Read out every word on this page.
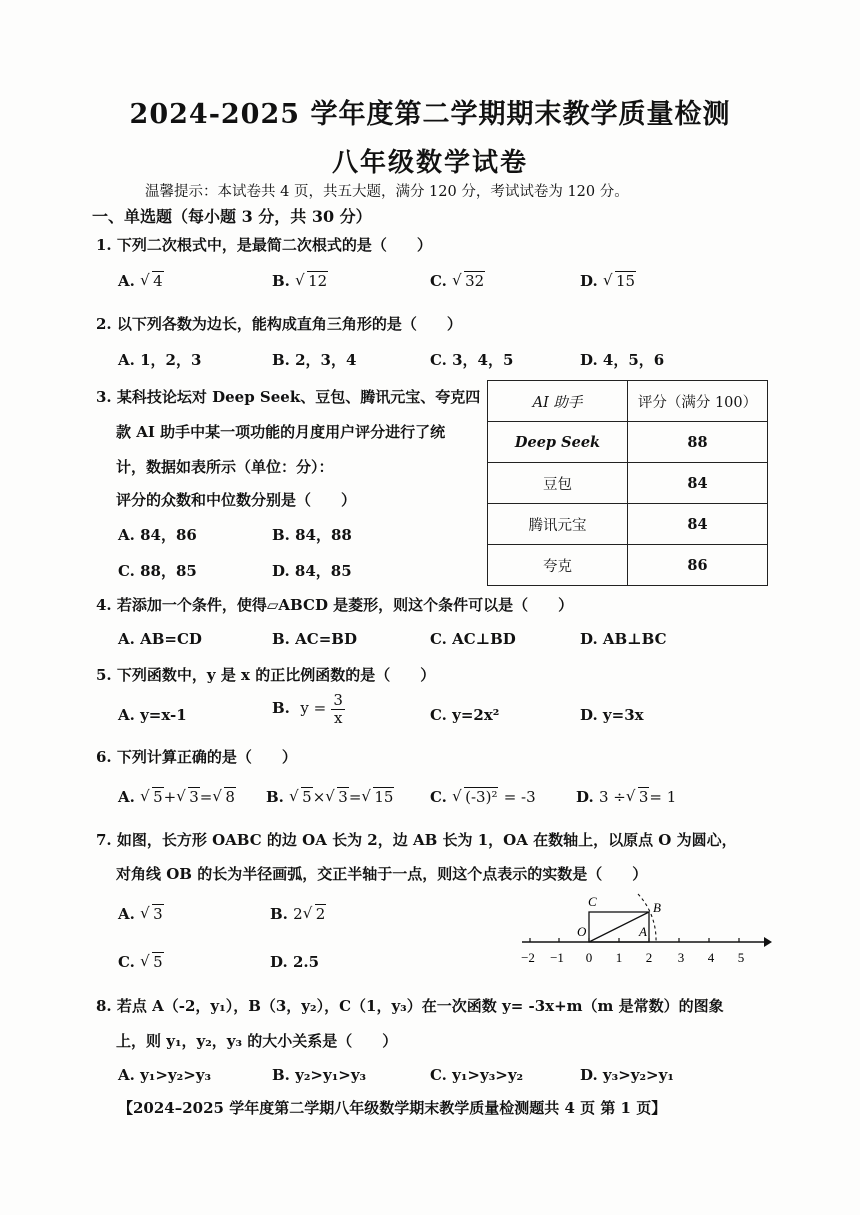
2024-2025 学年度第二学期期末教学质量检测
八年级数学试卷
温馨提示：本试卷共 4 页，共五大题，满分 120 分，考试试卷为 120 分。
一、单选题（每小题 3 分，共 30 分）
1. 下列二次根式中，是最简二次根式的是（　　）
A. √ 4	B. √ 12	C. √ 32	D. √ 15
2. 以下列各数为边长，能构成直角三角形的是（　　）
A. 1，2，3	B. 2，3，4	C. 3，4，5	D. 4，5，6
3. 某科技论坛对 Deep Seek、豆包、腾讯元宝、夸克四
款 AI 助手中某一项功能的月度用户评分进行了统
计，数据如表所示（单位：分）：
评分的众数和中位数分别是（　　）
A. 84，86	B. 84，88
C. 88，85	D. 84，85
AI 助手	评分（满分 100）
Deep Seek	88
豆包	84
腾讯元宝	84
夸克	86
4. 若添加一个条件，使得▱ABCD 是菱形，则这个条件可以是（　　）
A. AB=CD	B. AC=BD	C. AC⊥BD	D. AB⊥BC
5. 下列函数中，y 是 x 的正比例函数的是（　　）
A. y=x-1	B. $y = \frac{3}{x}$	C. y=2x²	D. y=3x
6. 下列计算正确的是（　　）
A. √ 5+ √ 3= √ 8 B. √ 5× √ 3= √ 15 C. √ (-3)² = -3	D. 3 ÷ √ 3= 1
7. 如图，长方形 OABC 的边 OA 长为 2，边 AB 长为 1，OA 在数轴上，以原点 O 为圆心，
对角线 OB 的长为半径画弧，交正半轴于一点，则这个点表示的实数是（　　）
A. √ 3	B. 2 √ 2
C. √ 5	D. 2.5
C	B
O	A
−2 −1 0 1 2 3 4 5
8. 若点 A（-2，y₁），B（3，y₂），C（1，y₃）在一次函数 y= -3x+m（m 是常数）的图象
上，则 y₁，y₂，y₃ 的大小关系是（　　）
A. y₁>y₂>y₃	B. y₂>y₁>y₃	C. y₁>y₃>y₂	D. y₃>y₂>y₁
【2024–2025 学年度第二学期八年级数学期末教学质量检测题共 4 页 第 1 页】
